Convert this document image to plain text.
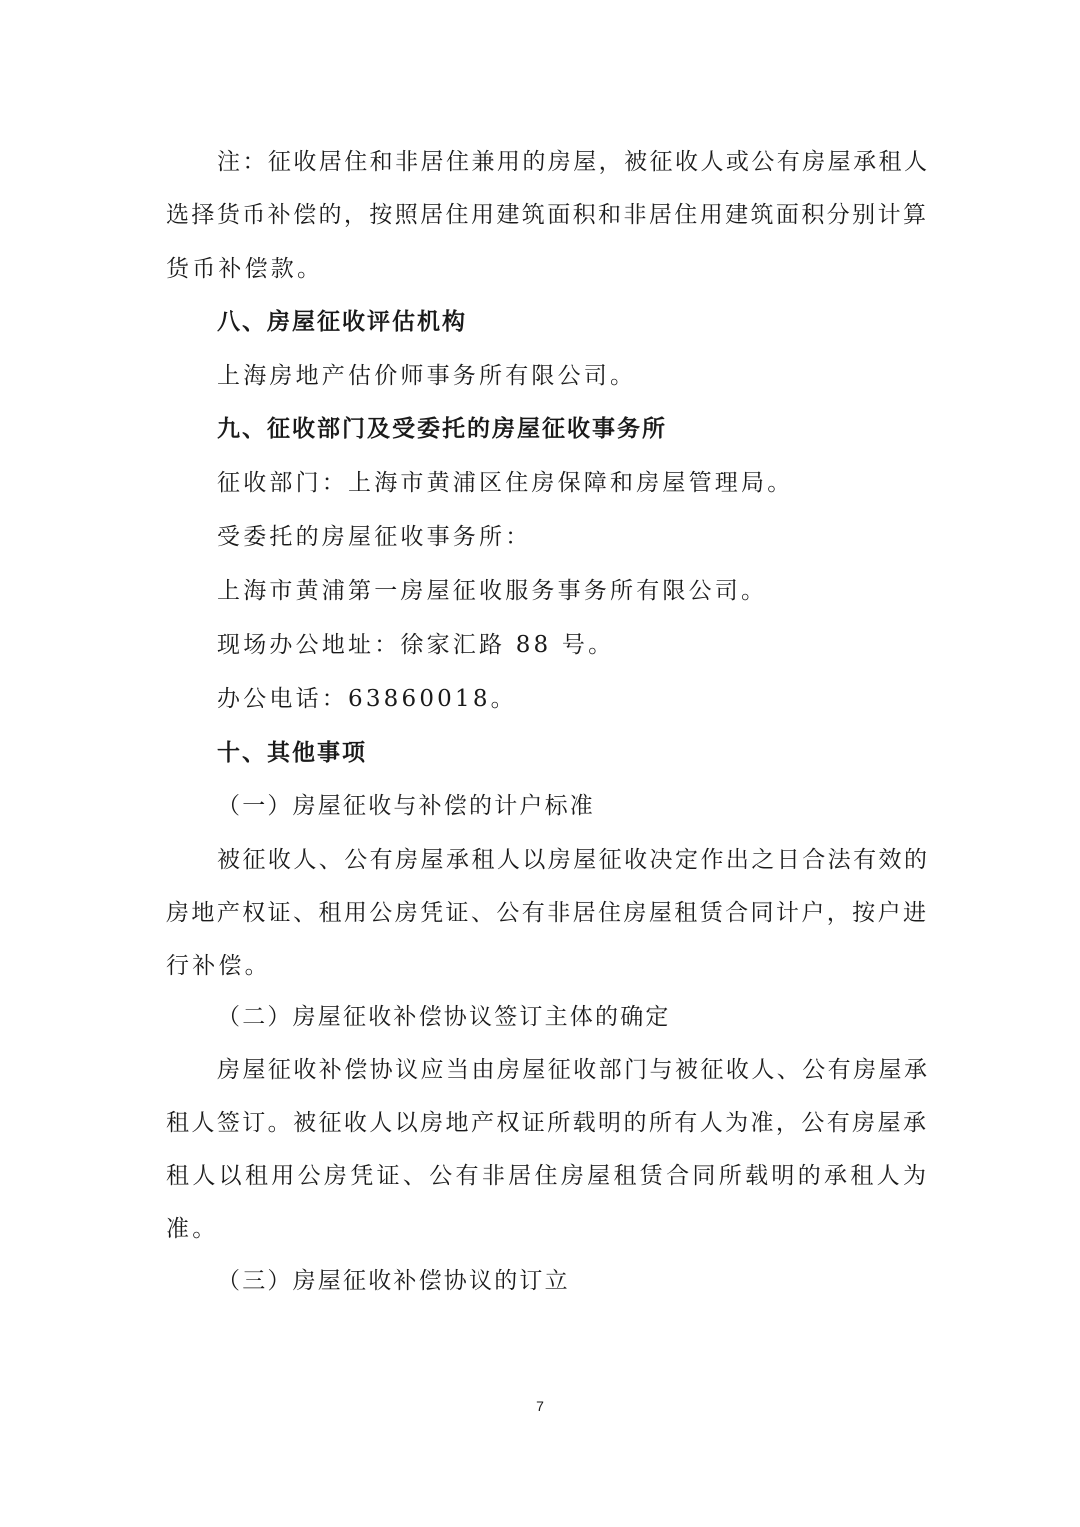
注：征收居住和非居住兼用的房屋，被征收人或公有房屋承租人
选择货币补偿的，按照居住用建筑面积和非居住用建筑面积分别计算
货币补偿款。
八、房屋征收评估机构
上海房地产估价师事务所有限公司。
九、征收部门及受委托的房屋征收事务所
征收部门：上海市黄浦区住房保障和房屋管理局。
受委托的房屋征收事务所：
上海市黄浦第一房屋征收服务事务所有限公司。
现场办公地址：徐家汇路 88 号。
办公电话：63860018。
十、其他事项
（一）房屋征收与补偿的计户标准
被征收人、公有房屋承租人以房屋征收决定作出之日合法有效的
房地产权证、租用公房凭证、公有非居住房屋租赁合同计户，按户进
行补偿。
（二）房屋征收补偿协议签订主体的确定
房屋征收补偿协议应当由房屋征收部门与被征收人、公有房屋承
租人签订。被征收人以房地产权证所载明的所有人为准，公有房屋承
租人以租用公房凭证、公有非居住房屋租赁合同所载明的承租人为
准。
（三）房屋征收补偿协议的订立
7
